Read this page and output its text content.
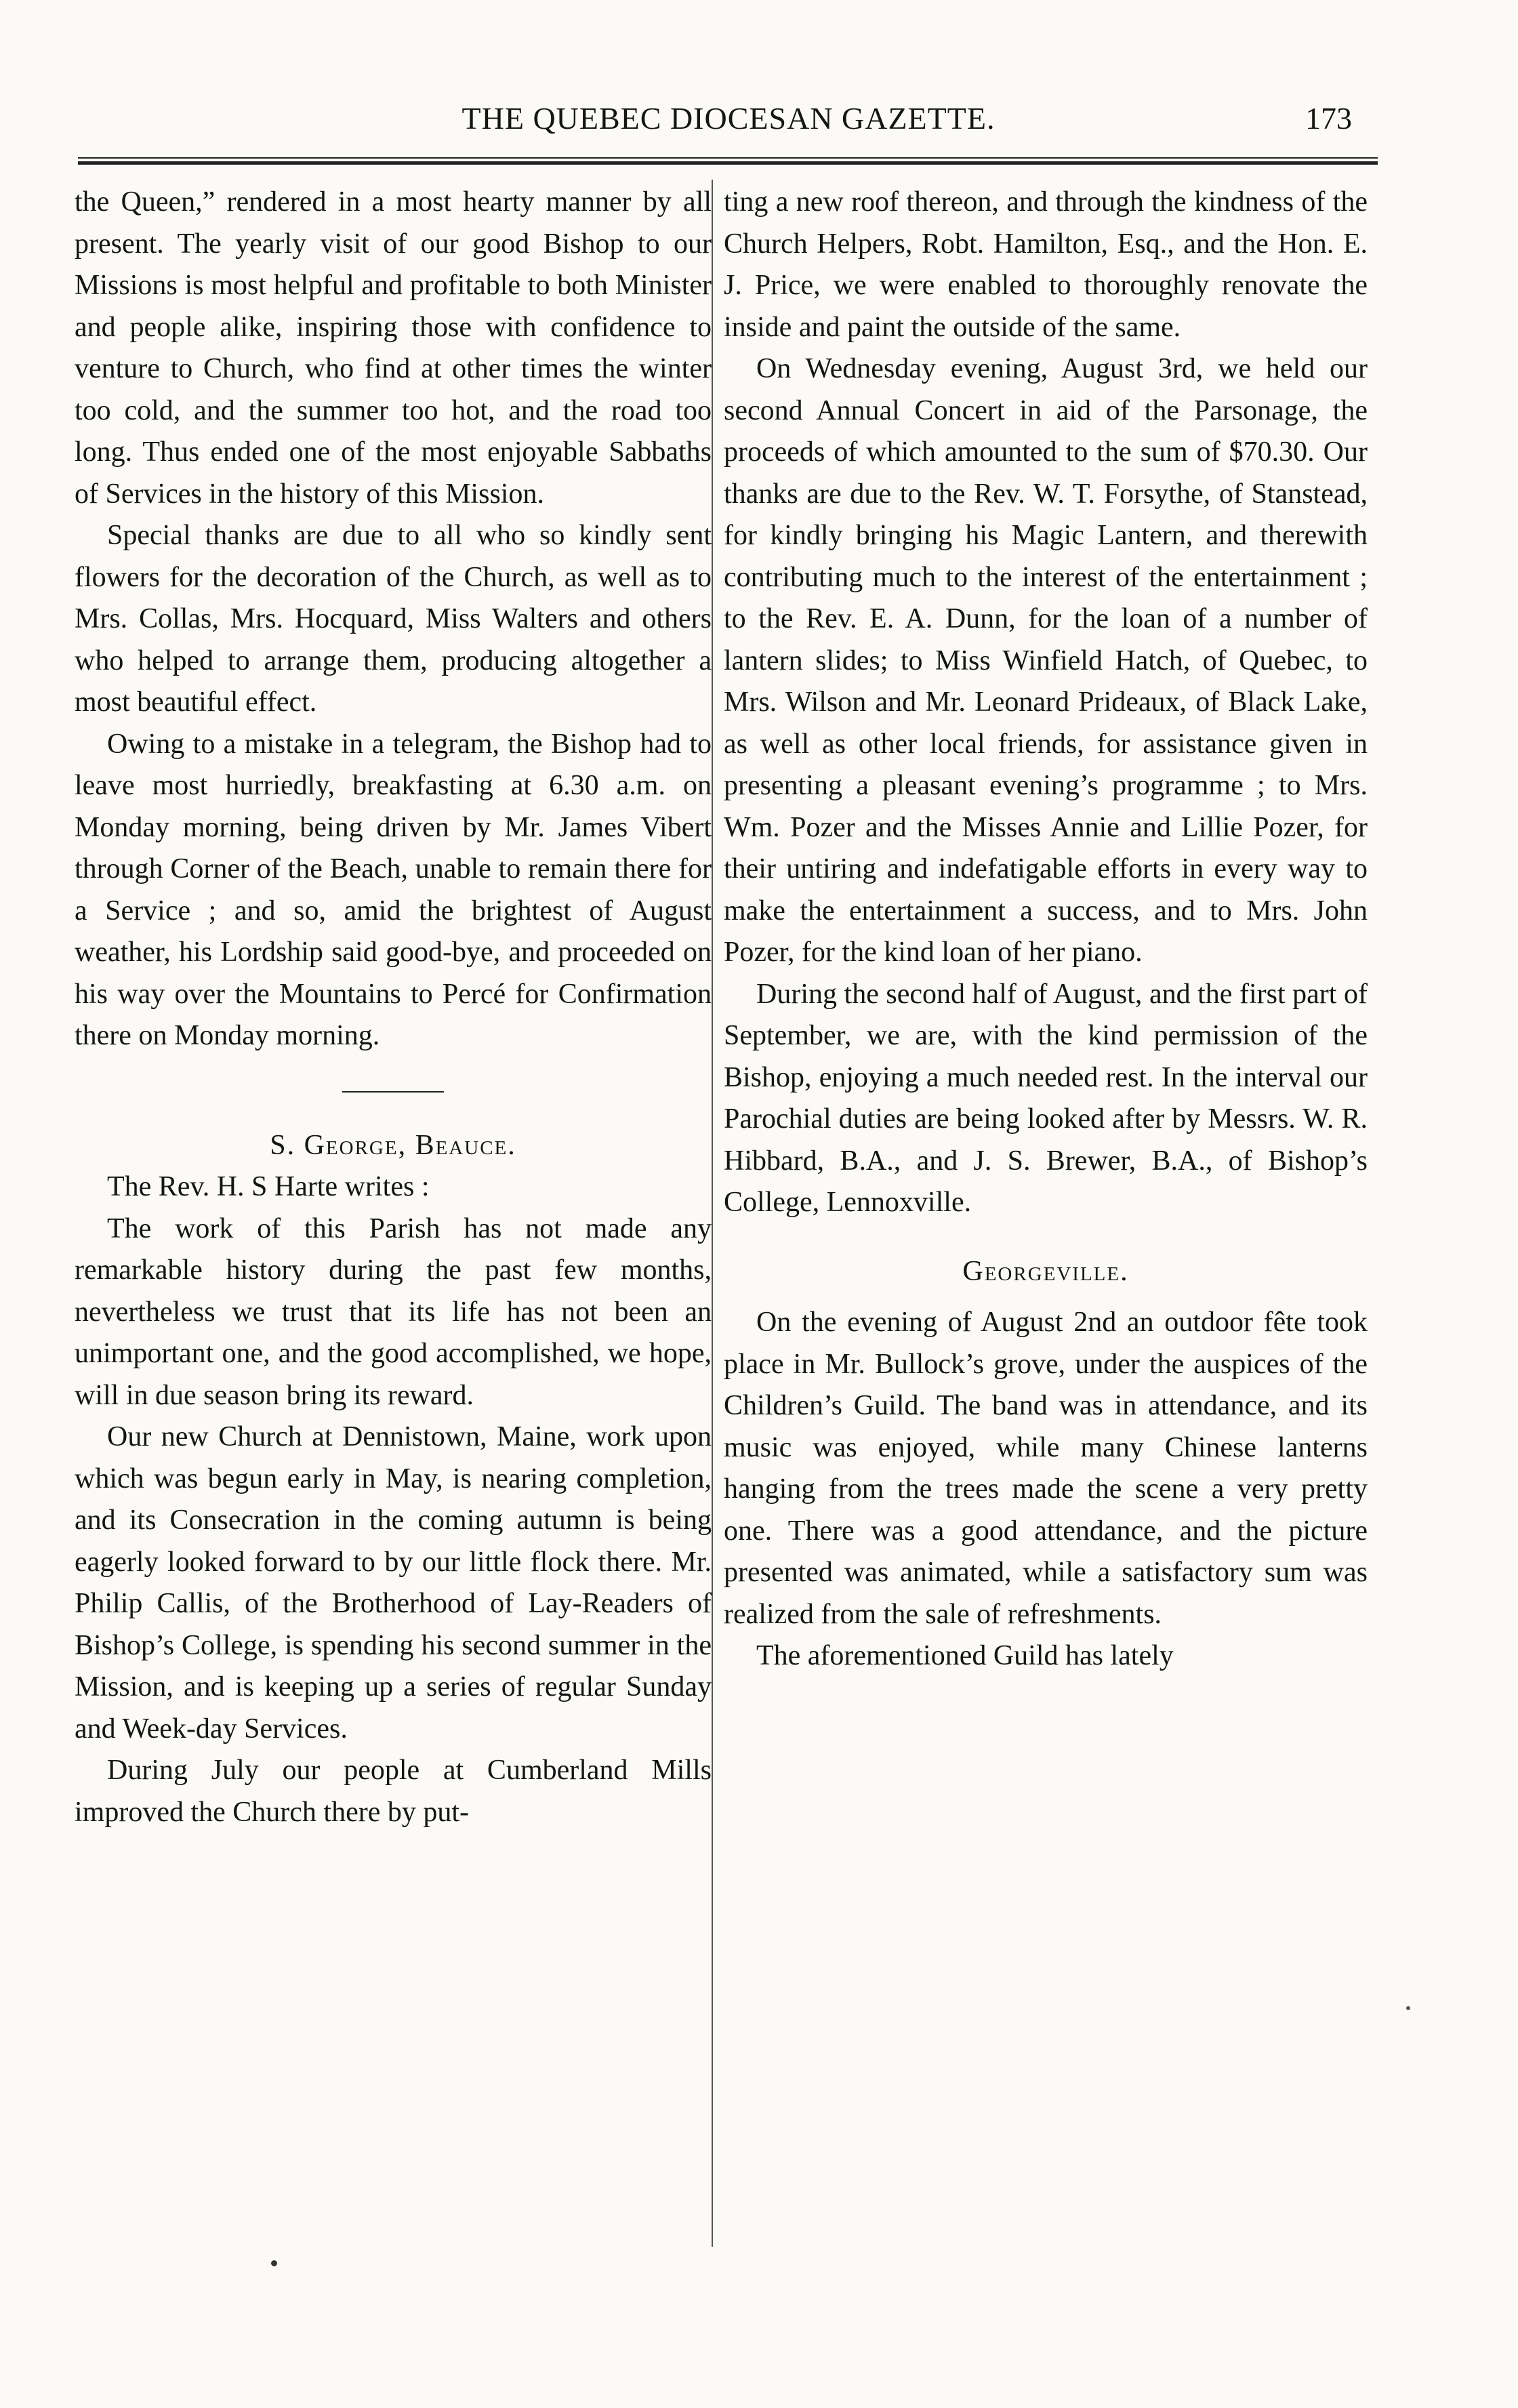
THE QUEBEC DIOCESAN GAZETTE.	173

the Queen,” rendered in a most hearty manner by all present. The yearly visit of our good Bishop to our Missions is most helpful and profitable to both Minister and people alike, inspiring those with confidence to venture to Church, who find at other times the winter too cold, and the summer too hot, and the road too long. Thus ended one of the most enjoyable Sabbaths of Services in the history of this Mission.

Special thanks are due to all who so kindly sent flowers for the decoration of the Church, as well as to Mrs. Collas, Mrs. Hocquard, Miss Walters and others who helped to arrange them, producing altogether a most beautiful effect.

Owing to a mistake in a telegram, the Bishop had to leave most hurriedly, breakfasting at 6.30 a.m. on Monday morning, being driven by Mr. James Vibert through Corner of the Beach, unable to remain there for a Service ; and so, amid the brightest of August weather, his Lordship said good-bye, and proceeded on his way over the Mountains to Percé for Confirmation there on Monday morning.

S. George, Beauce.

The Rev. H. S Harte writes :

The work of this Parish has not made any remarkable history during the past few months, nevertheless we trust that its life has not been an unimportant one, and the good accomplished, we hope, will in due season bring its reward.

Our new Church at Dennistown, Maine, work upon which was begun early in May, is nearing completion, and its Consecration in the coming autumn is being eagerly looked forward to by our little flock there. Mr. Philip Callis, of the Brotherhood of Lay-Readers of Bishop’s College, is spending his second summer in the Mission, and is keeping up a series of regular Sunday and Week-day Services.

During July our people at Cumberland Mills improved the Church there by put-

ting a new roof thereon, and through the kindness of the Church Helpers, Robt. Hamilton, Esq., and the Hon. E. J. Price, we were enabled to thoroughly renovate the inside and paint the outside of the same.

On Wednesday evening, August 3rd, we held our second Annual Concert in aid of the Parsonage, the proceeds of which amounted to the sum of $70.30. Our thanks are due to the Rev. W. T. Forsythe, of Stanstead, for kindly bringing his Magic Lantern, and therewith contributing much to the interest of the entertainment ; to the Rev. E. A. Dunn, for the loan of a number of lantern slides; to Miss Winfield Hatch, of Quebec, to Mrs. Wilson and Mr. Leonard Prideaux, of Black Lake, as well as other local friends, for assistance given in presenting a pleasant evening’s programme ; to Mrs. Wm. Pozer and the Misses Annie and Lillie Pozer, for their untiring and indefatigable efforts in every way to make the entertainment a success, and to Mrs. John Pozer, for the kind loan of her piano.

During the second half of August, and the first part of September, we are, with the kind permission of the Bishop, enjoying a much needed rest. In the interval our Parochial duties are being looked after by Messrs. W. R. Hibbard, B.A., and J. S. Brewer, B.A., of Bishop’s College, Lennoxville.

Georgeville.

On the evening of August 2nd an outdoor fête took place in Mr. Bullock’s grove, under the auspices of the Children’s Guild. The band was in attendance, and its music was enjoyed, while many Chinese lanterns hanging from the trees made the scene a very pretty one. There was a good attendance, and the picture presented was animated, while a satisfactory sum was realized from the sale of refreshments.

The aforementioned Guild has lately
